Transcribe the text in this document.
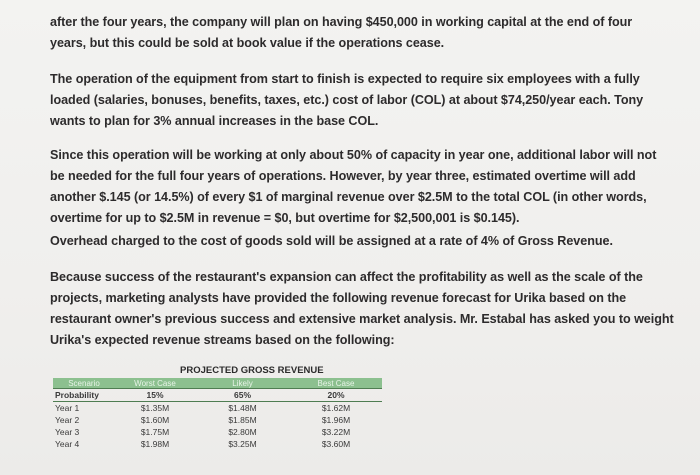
after the four years, the company will plan on having $450,000 in working capital at the end of four
years, but this could be sold at book value if the operations cease.
The operation of the equipment from start to finish is expected to require six employees with a fully
loaded (salaries, bonuses, benefits, taxes, etc.) cost of labor (COL) at about $74,250/year each. Tony
wants to plan for 3% annual increases in the base COL.
Since this operation will be working at only about 50% of capacity in year one, additional labor will not
be needed for the full four years of operations. However, by year three, estimated overtime will add
another $.145 (or 14.5%) of every $1 of marginal revenue over $2.5M to the total COL (in other words,
overtime for up to $2.5M in revenue = $0, but overtime for $2,500,001 is $0.145).
Overhead charged to the cost of goods sold will be assigned at a rate of 4% of Gross Revenue.
Because success of the restaurant's expansion can affect the profitability as well as the scale of the
projects, marketing analysts have provided the following revenue forecast for Urika based on the
restaurant owner's previous success and extensive market analysis. Mr. Estabal has asked you to weight
Urika's expected revenue streams based on the following:
PROJECTED GROSS REVENUE
Scenario	Worst Case	Likely	Best Case
Probability	15%	65%	20%
Year 1	$1.35M	$1.48M	$1.62M
Year 2	$1.60M	$1.85M	$1.96M
Year 3	$1.75M	$2.80M	$3.22M
Year 4	$1.98M	$3.25M	$3.60M
